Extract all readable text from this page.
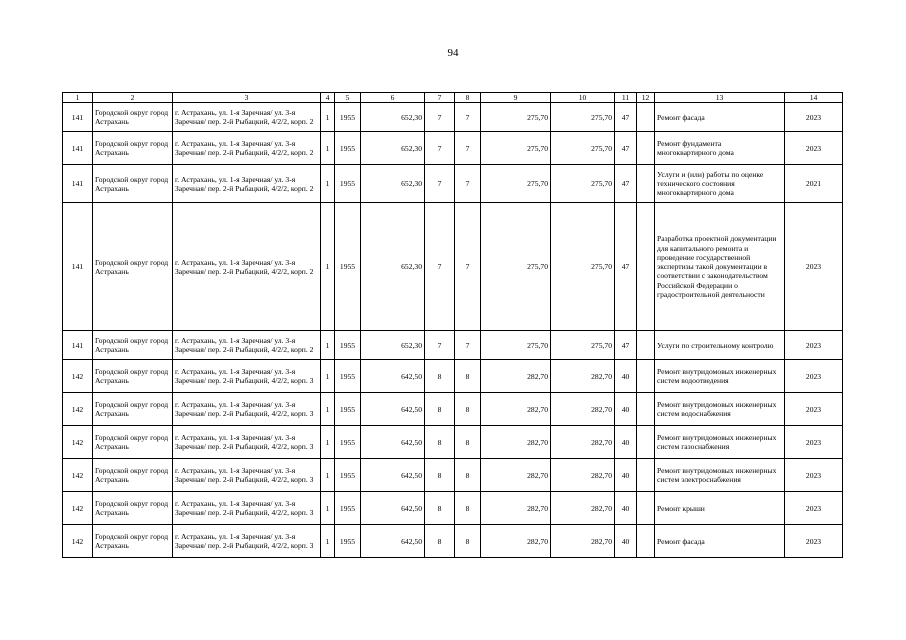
94
1	2	3	4	5	6	7	8	9	10	11	12	13	14
141	Городской округ город Астрахань	г. Астрахань, ул. 1-я Заречная/ ул. 3-я Заречная/ пер. 2-й Рыбацкий, 4/2/2, корп. 2	1	1955	652,30	7	7	275,70	275,70	47		Ремонт фасада	2023
141	Городской округ город Астрахань	г. Астрахань, ул. 1-я Заречная/ ул. 3-я Заречная/ пер. 2-й Рыбацкий, 4/2/2, корп. 2	1	1955	652,30	7	7	275,70	275,70	47		Ремонт фундамента многоквартирного дома	2023
141	Городской округ город Астрахань	г. Астрахань, ул. 1-я Заречная/ ул. 3-я Заречная/ пер. 2-й Рыбацкий, 4/2/2, корп. 2	1	1955	652,30	7	7	275,70	275,70	47		Услуги и (или) работы по оценке технического состояния многоквартирного дома	2021
141	Городской округ город Астрахань	г. Астрахань, ул. 1-я Заречная/ ул. 3-я Заречная/ пер. 2-й Рыбацкий, 4/2/2, корп. 2	1	1955	652,30	7	7	275,70	275,70	47		Разработка проектной документации для капитального ремонта и проведение государственной экспертизы такой документации в соответствии с законодательством Российской Федерации о градостроительной деятельности	2023
141	Городской округ город Астрахань	г. Астрахань, ул. 1-я Заречная/ ул. 3-я Заречная/ пер. 2-й Рыбацкий, 4/2/2, корп. 2	1	1955	652,30	7	7	275,70	275,70	47		Услуги по строительному контролю	2023
142	Городской округ город Астрахань	г. Астрахань, ул. 1-я Заречная/ ул. 3-я Заречная/ пер. 2-й Рыбацкий, 4/2/2, корп. 3	1	1955	642,50	8	8	282,70	282,70	40		Ремонт внутридомовых инженерных систем водоотведения	2023
142	Городской округ город Астрахань	г. Астрахань, ул. 1-я Заречная/ ул. 3-я Заречная/ пер. 2-й Рыбацкий, 4/2/2, корп. 3	1	1955	642,50	8	8	282,70	282,70	40		Ремонт внутридомовых инженерных систем водоснабжения	2023
142	Городской округ город Астрахань	г. Астрахань, ул. 1-я Заречная/ ул. 3-я Заречная/ пер. 2-й Рыбацкий, 4/2/2, корп. 3	1	1955	642,50	8	8	282,70	282,70	40		Ремонт внутридомовых инженерных систем газоснабжения	2023
142	Городской округ город Астрахань	г. Астрахань, ул. 1-я Заречная/ ул. 3-я Заречная/ пер. 2-й Рыбацкий, 4/2/2, корп. 3	1	1955	642,50	8	8	282,70	282,70	40		Ремонт внутридомовых инженерных систем электроснабжения	2023
142	Городской округ город Астрахань	г. Астрахань, ул. 1-я Заречная/ ул. 3-я Заречная/ пер. 2-й Рыбацкий, 4/2/2, корп. 3	1	1955	642,50	8	8	282,70	282,70	40		Ремонт крыши	2023
142	Городской округ город Астрахань	г. Астрахань, ул. 1-я Заречная/ ул. 3-я Заречная/ пер. 2-й Рыбацкий, 4/2/2, корп. 3	1	1955	642,50	8	8	282,70	282,70	40		Ремонт фасада	2023
